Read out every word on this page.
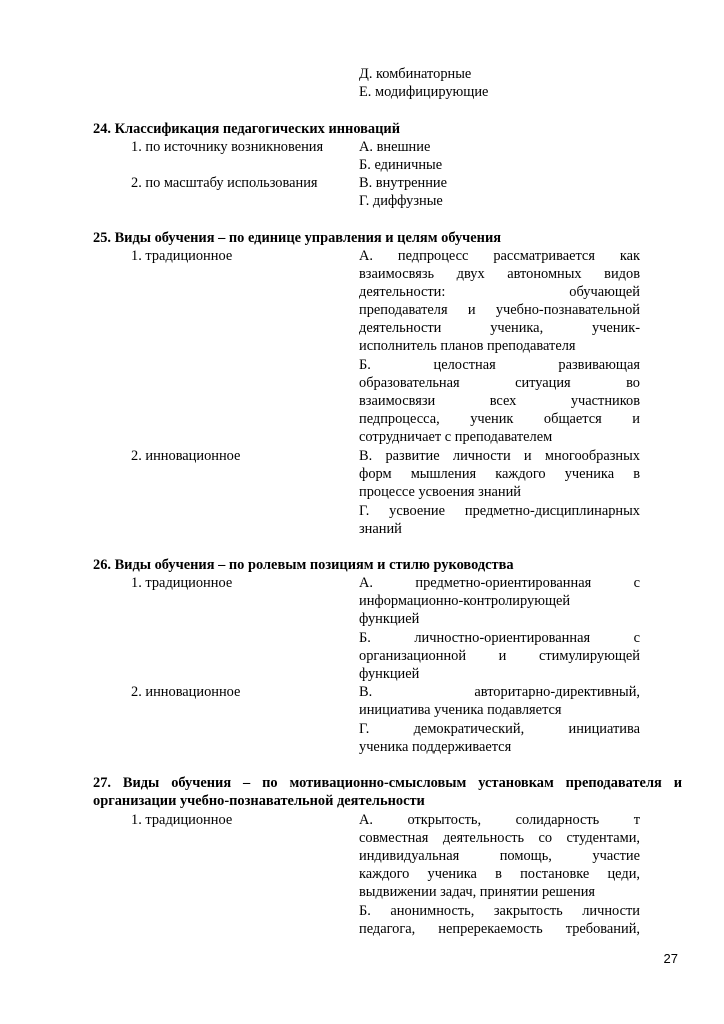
Д. комбинаторные
Е. модифицирующие
24. Классификация педагогических инноваций
1. по источнику возникновения А. внешние
Б. единичные
2. по масштабу использования	В. внутренние
Г. диффузные
25. Виды обучения – по единице управления и целям обучения
1. традиционное	А. педпроцесс рассматривается как
взаимосвязь двух автономных видов
деятельности: обучающей
преподавателя и учебно-познавательной
деятельности ученика, ученик-
исполнитель планов преподавателя
Б. целостная развивающая
образовательная ситуация во
взаимосвязи всех участников
педпроцесса, ученик общается и
сотрудничает с преподавателем
2. инновационное	В. развитие личности и многообразных
форм мышления каждого ученика в
процессе усвоения знаний
Г. усвоение предметно-дисциплинарных
знаний
26. Виды обучения – по ролевым позициям и стилю руководства
1. традиционное	А. предметно-ориентированная с
информационно-контролирующей
функцией
Б. личностно-ориентированная с
организационной и стимулирующей
функцией
2. инновационное	В. авторитарно-директивный,
инициатива ученика подавляется
Г. демократический, инициатива
ученика поддерживается
27. Виды обучения – по мотивационно-смысловым установкам преподавателя и
организации учебно-познавательной деятельности
1. традиционное	А. открытость, солидарность т
совместная деятельность со студентами,
индивидуальная помощь, участие
каждого ученика в постановке цеди,
выдвижении задач, принятии решения
Б. анонимность, закрытость личности
педагога, непререкаемость требований,
27
